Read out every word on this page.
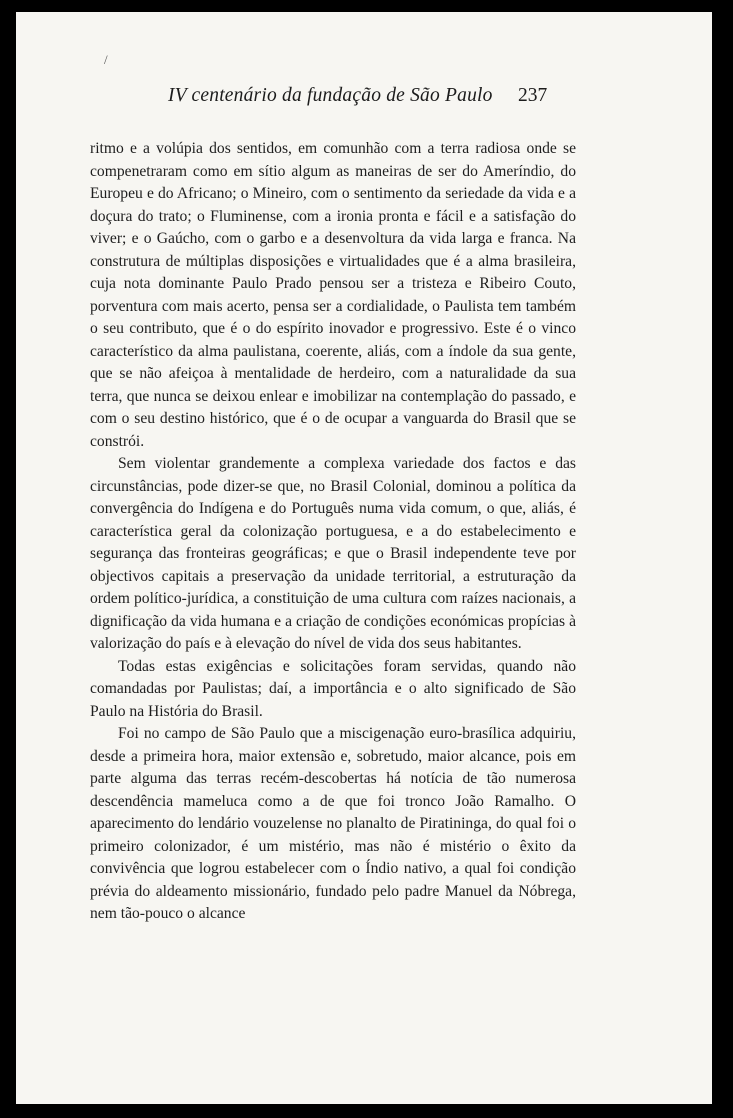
/
IV centenário da fundação de São Paulo 237

ritmo e a volúpia dos sentidos, em comunhão com a terra radiosa onde se compenetraram como em sítio algum as maneiras de ser do Ameríndio, do Europeu e do Africano; o Mineiro, com o sentimento da seriedade da vida e a doçura do trato; o Fluminense, com a ironia pronta e fácil e a satisfação do viver; e o Gaúcho, com o garbo e a desenvoltura da vida larga e franca. Na construtura de múltiplas disposições e virtualidades que é a alma brasileira, cuja nota dominante Paulo Prado pensou ser a tristeza e Ribeiro Couto, porventura com mais acerto, pensa ser a cordialidade, o Paulista tem também o seu contributo, que é o do espírito inovador e progressivo. Este é o vinco característico da alma paulistana, coerente, aliás, com a índole da sua gente, que se não afeiçoa à mentalidade de herdeiro, com a naturalidade da sua terra, que nunca se deixou enlear e imobilizar na contemplação do passado, e com o seu destino histórico, que é o de ocupar a vanguarda do Brasil que se constrói.

Sem violentar grandemente a complexa variedade dos factos e das circunstâncias, pode dizer-se que, no Brasil Colonial, dominou a política da convergência do Indígena e do Português numa vida comum, o que, aliás, é característica geral da colonização portuguesa, e a do estabelecimento e segurança das fronteiras geográficas; e que o Brasil independente teve por objectivos capitais a preservação da unidade territorial, a estruturação da ordem político-jurídica, a constituição de uma cultura com raízes nacionais, a dignificação da vida humana e a criação de condições económicas propícias à valorização do país e à elevação do nível de vida dos seus habitantes.

Todas estas exigências e solicitações foram servidas, quando não comandadas por Paulistas; daí, a importância e o alto significado de São Paulo na História do Brasil.

Foi no campo de São Paulo que a miscigenação euro-brasílica adquiriu, desde a primeira hora, maior extensão e, sobretudo, maior alcance, pois em parte alguma das terras recém-descobertas há notícia de tão numerosa descendência mameluca como a de que foi tronco João Ramalho. O aparecimento do lendário vouzelense no planalto de Piratininga, do qual foi o primeiro colonizador, é um mistério, mas não é mistério o êxito da convivência que logrou estabelecer com o Índio nativo, a qual foi condição prévia do aldeamento missionário, fundado pelo padre Manuel da Nóbrega, nem tão-pouco o alcance
